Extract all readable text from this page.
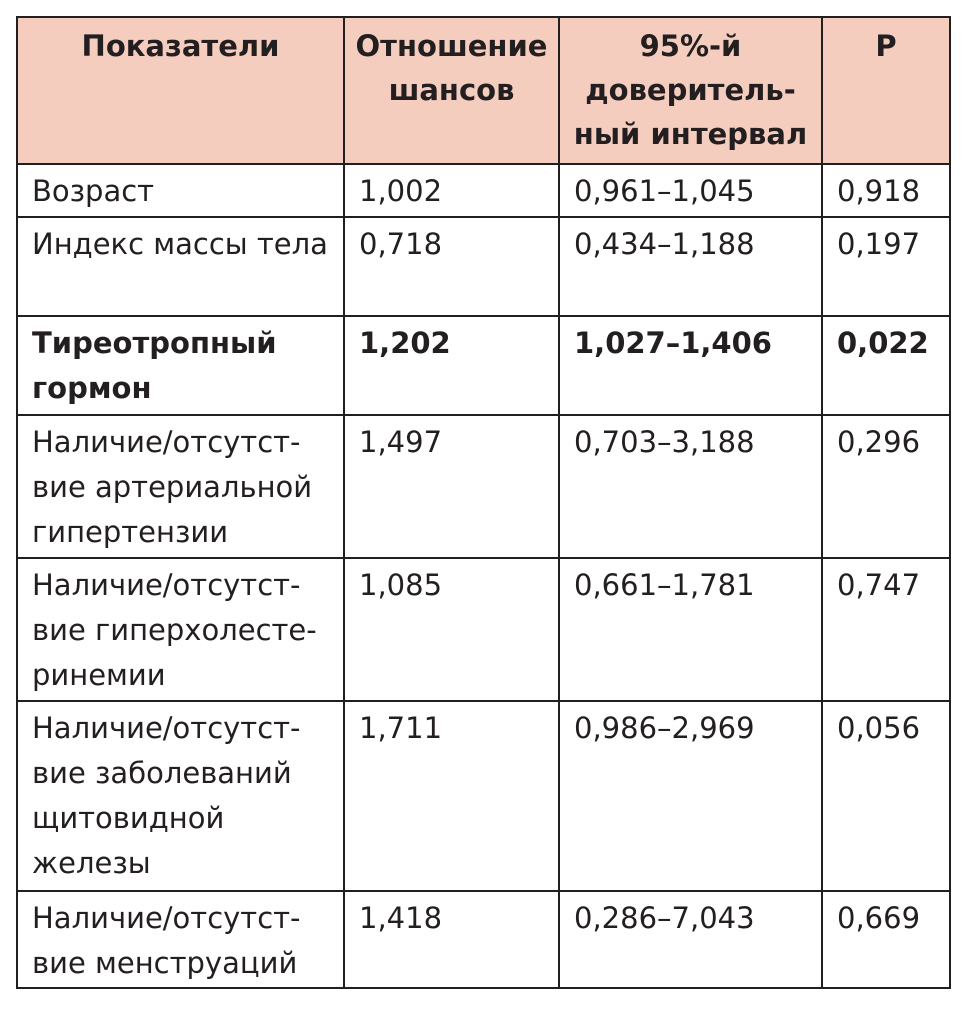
Показатели	Отношение шансов	95%-й доверительный интервал	Р
Возраст	1,002	0,961–1,045	0,918
Индекс массы тела	0,718	0,434–1,188	0,197
Тиреотропный гормон	1,202	1,027–1,406	0,022
Наличие/отсутствие артериальной гипертензии	1,497	0,703–3,188	0,296
Наличие/отсутствие гиперхолестеринемии	1,085	0,661–1,781	0,747
Наличие/отсутствие заболеваний щитовидной железы	1,711	0,986–2,969	0,056
Наличие/отсутствие менструаций	1,418	0,286–7,043	0,669
